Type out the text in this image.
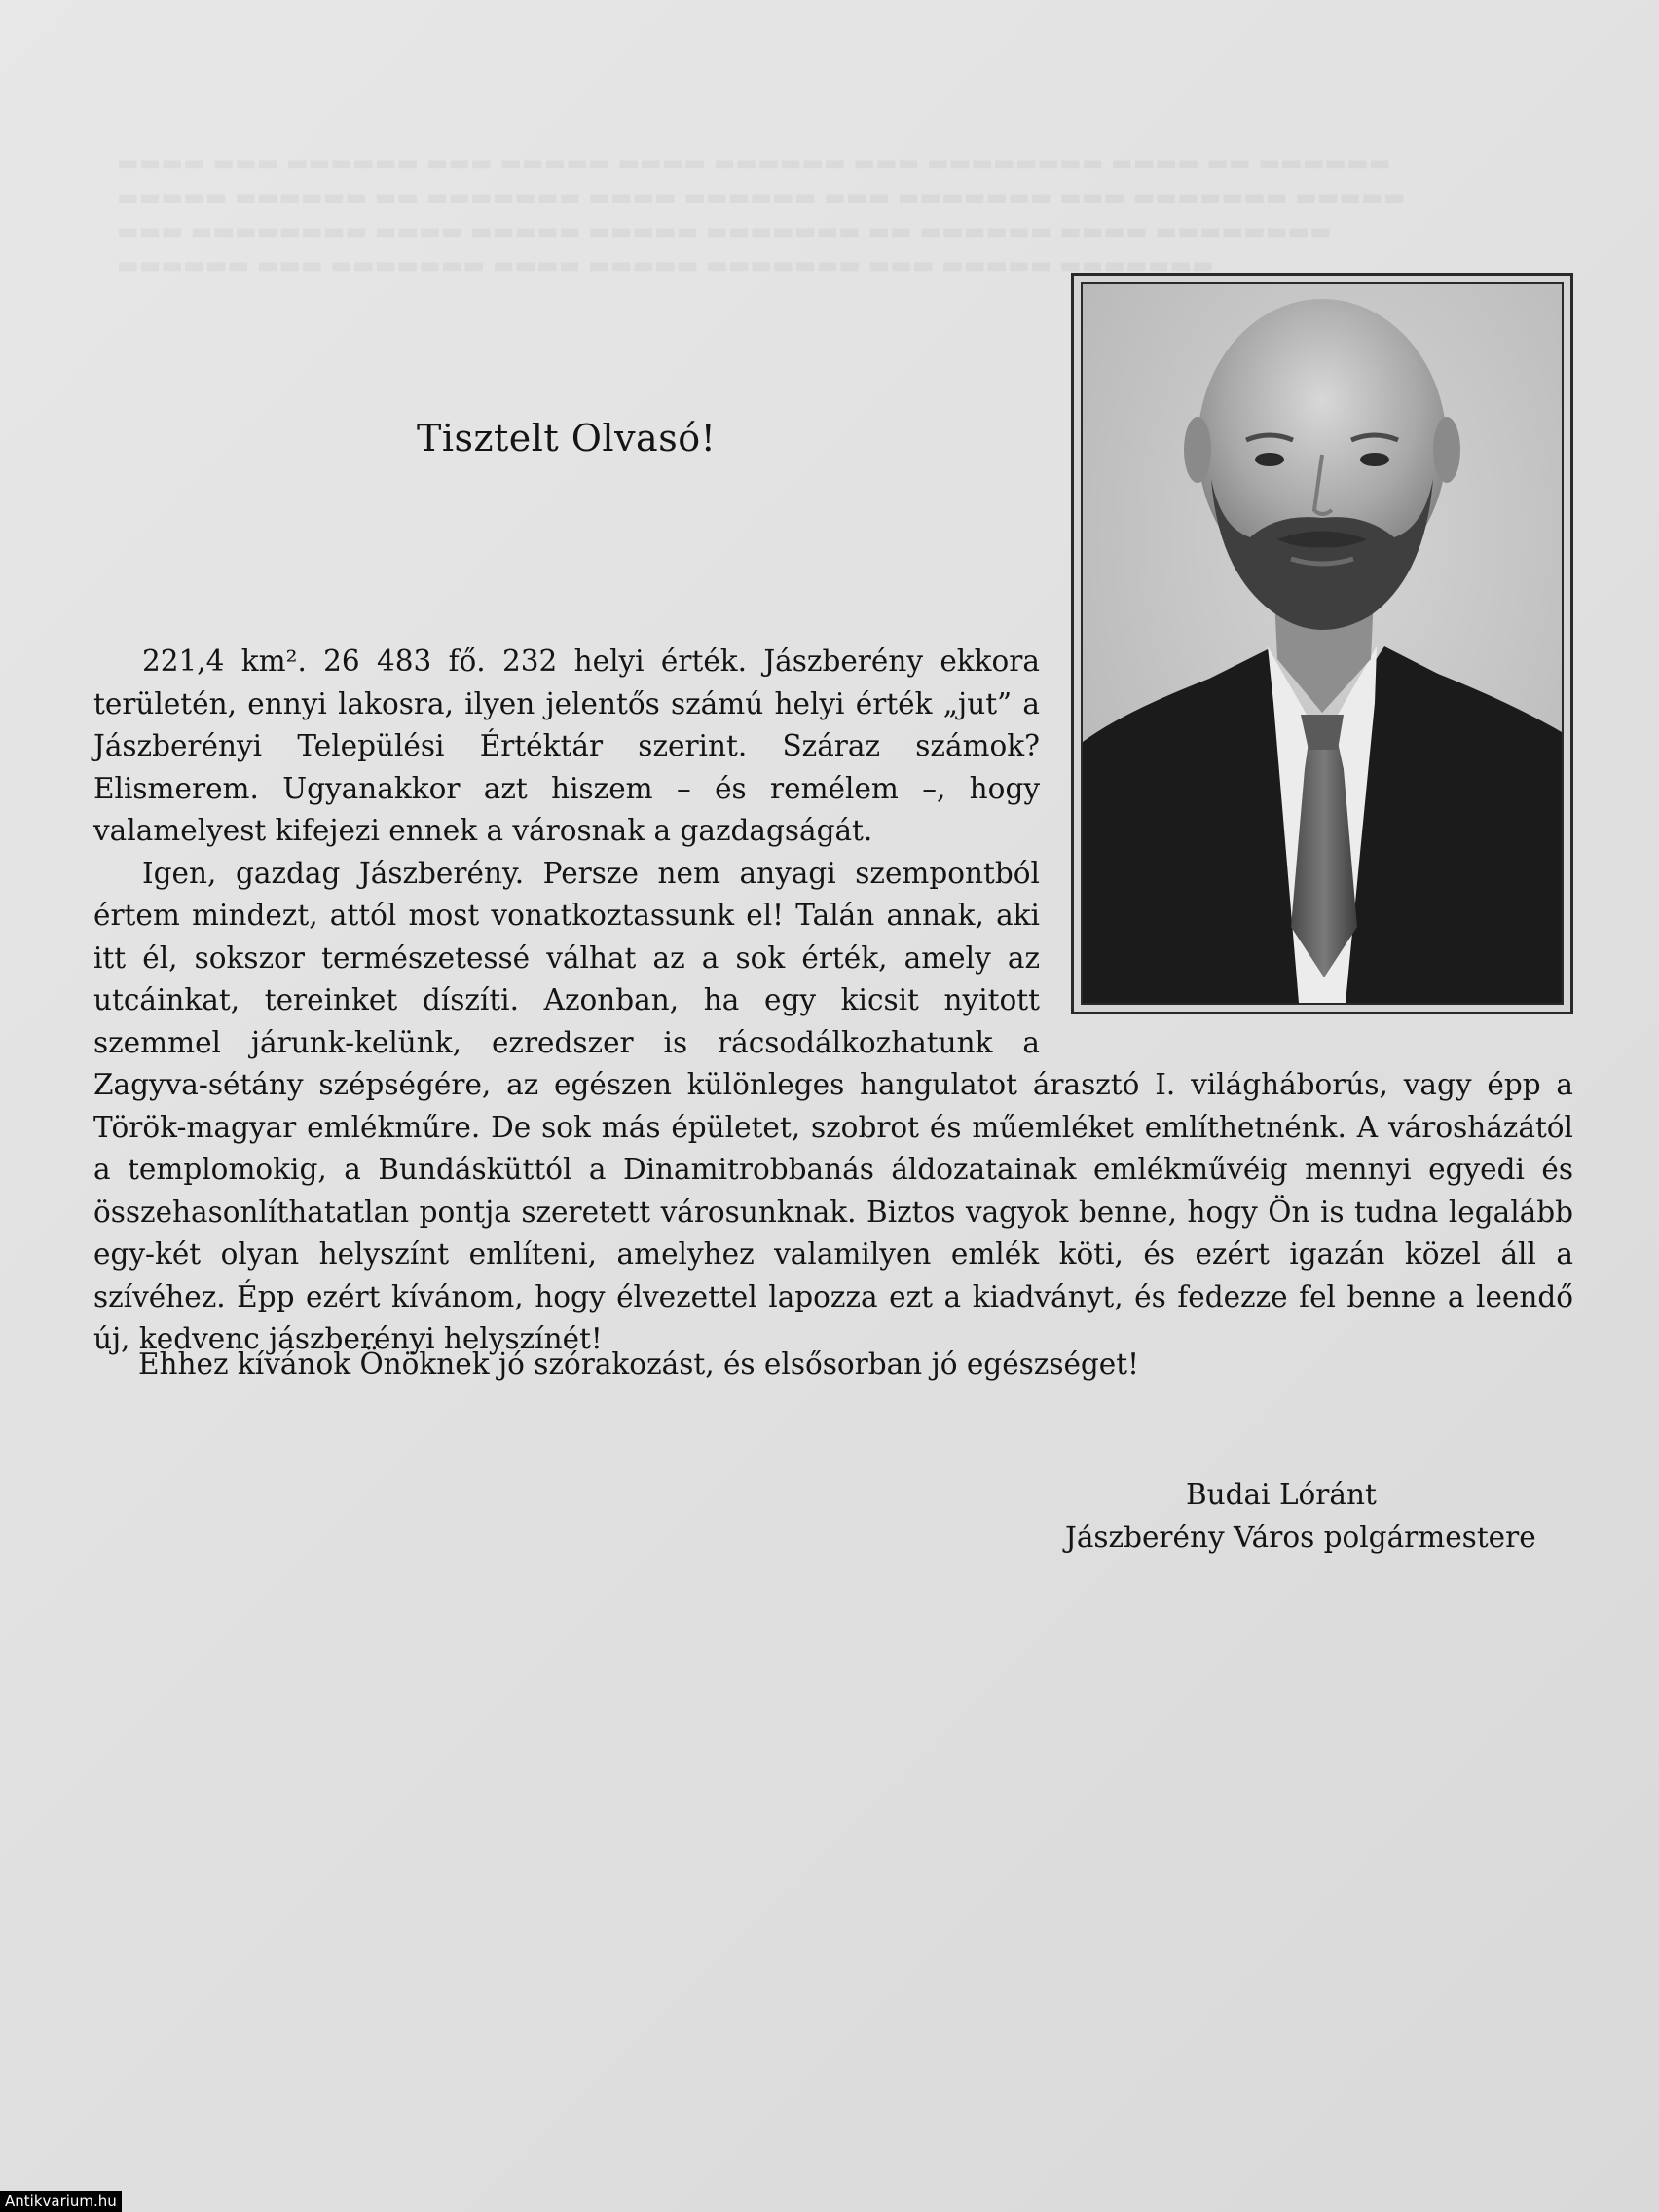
Tisztelt Olvasó!

221,4 km². 26 483 fő. 232 helyi érték. Jászberény ekkora területén, ennyi lakosra, ilyen jelentős számú helyi érték „jut” a Jászberényi Települési Értéktár szerint. Száraz számok? Elismerem. Ugyanakkor azt hiszem – és remélem –, hogy valamelyest kifejezi ennek a városnak a gazdagságát.

Igen, gazdag Jászberény. Persze nem anyagi szempontból értem mindezt, attól most vonatkoztassunk el! Talán annak, aki itt él, sokszor természetessé válhat az a sok érték, amely az utcáinkat, tereinket díszíti. Azonban, ha egy kicsit nyitott szemmel járunk-kelünk, ezredszer is rácsodálkozhatunk a Zagyva-sétány szépségére, az egészen különleges hangulatot árasztó I. világháborús, vagy épp a Török-magyar emlékműre. De sok más épületet, szobrot és műemléket említhetnénk. A városházától a templomokig, a Bundásküttól a Dinamitrobbanás áldozatainak emlékművéig mennyi egyedi és összehasonlíthatatlan pontja szeretett városunknak. Biztos vagyok benne, hogy Ön is tudna legalább egy-két olyan helyszínt említeni, amelyhez valamilyen emlék köti, és ezért igazán közel áll a szívéhez. Épp ezért kívánom, hogy élvezettel lapozza ezt a kiadványt, és fedezze fel benne a leendő új, kedvenc jászberényi helyszínét!

Ehhez kívánok Önöknek jó szórakozást, és elsősorban jó egészséget!

Budai Lóránt

Jászberény Város polgármestere

Antikvarium.hu
